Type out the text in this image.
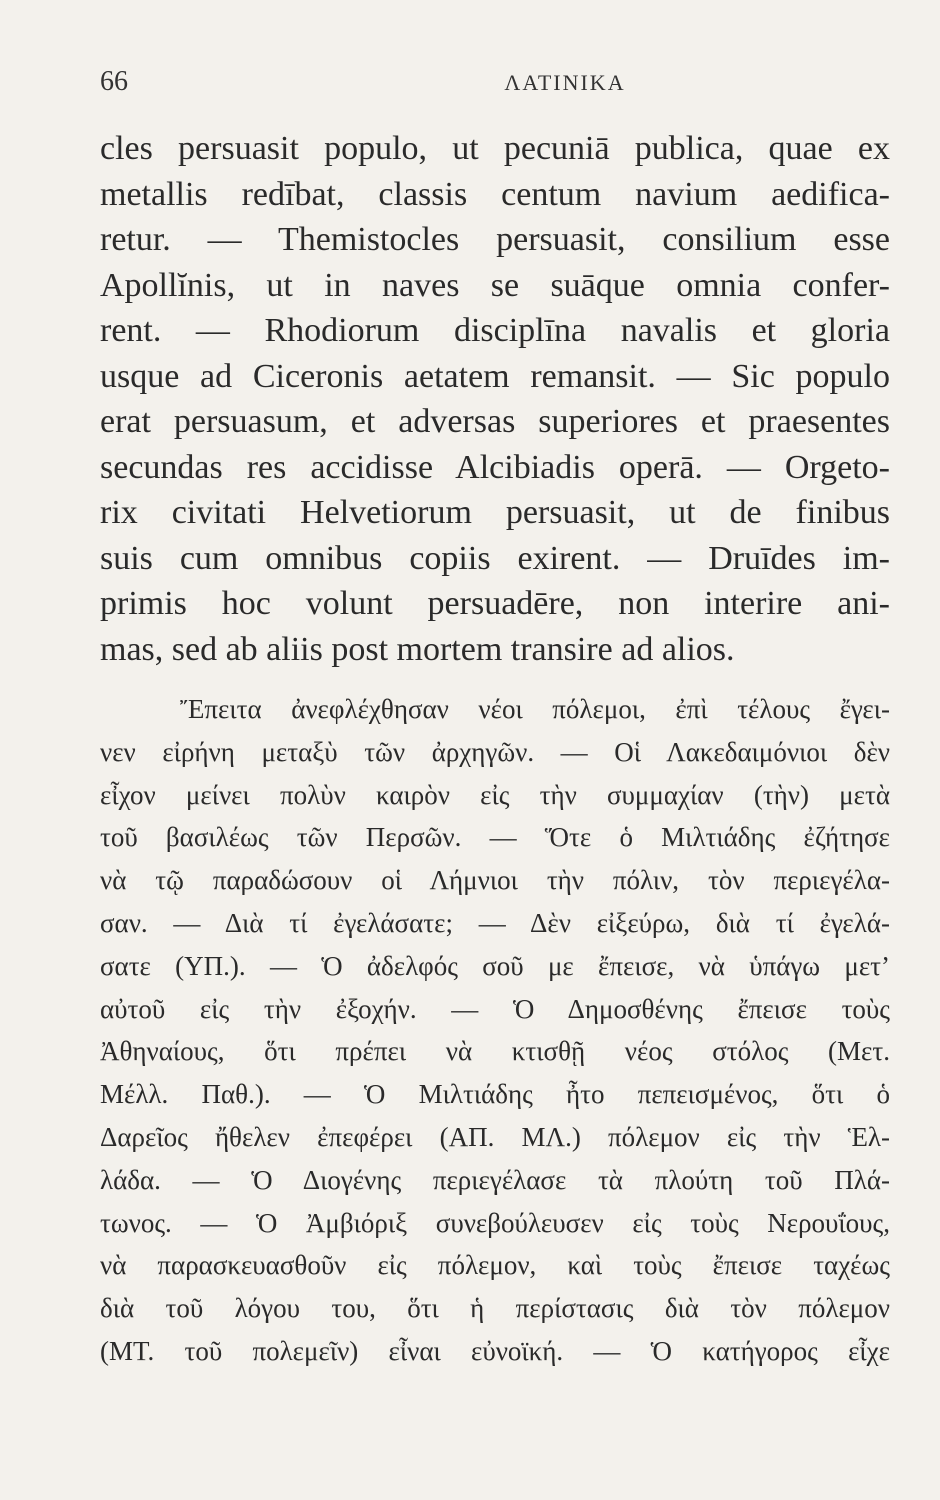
66	ΛΑΤΙΝΙΚΑ
cles persuasit populo, ut pecuniā publica, quae ex
metallis redībat, classis centum navium aedifica-
retur. — Themistocles persuasit, consilium esse
Apollĭnis, ut in naves se suāque omnia confer-
rent. — Rhodiorum disciplīna navalis et gloria
usque ad Ciceronis aetatem remansit. — Sic populo
erat persuasum, et adversas superiores et praesentes
secundas res accidisse Alcibiadis operā. — Orgeto-
rix civitati Helvetiorum persuasit, ut de finibus
suis cum omnibus copiis exirent. — Druīdes im-
primis hoc volunt persuadēre, non interire ani-
mas, sed ab aliis post mortem transire ad alios.
Ἔπειτα ἀνεφλέχθησαν νέοι πόλεμοι, ἐπὶ τέλους ἔγει-
νεν εἰρήνη μεταξὺ τῶν ἀρχηγῶν. — Οἱ Λακεδαιμόνιοι δὲν
εἶχον μείνει πολὺν καιρὸν εἰς τὴν συμμαχίαν (τὴν) μετὰ
τοῦ βασιλέως τῶν Περσῶν. — Ὅτε ὁ Μιλτιάδης ἐζήτησε
νὰ τῷ παραδώσουν οἱ Λήμνιοι τὴν πόλιν, τὸν περιεγέλα-
σαν. — Διὰ τί ἐγελάσατε; — Δὲν εἰξεύρω, διὰ τί ἐγελά-
σατε (ΥΠ.). — Ὁ ἀδελφός σοῦ με ἔπεισε, νὰ ὑπάγω μετ’
αὐτοῦ εἰς τὴν ἐξοχήν. — Ὁ Δημοσθένης ἔπεισε τοὺς
Ἀθηναίους, ὅτι πρέπει νὰ κτισθῇ νέος στόλος (Μετ.
Μέλλ. Παθ.). — Ὁ Μιλτιάδης ἦτο πεπεισμένος, ὅτι ὁ
Δαρεῖος ἤθελεν ἐπεφέρει (ΑΠ. ΜΛ.) πόλεμον εἰς τὴν Ἑλ-
λάδα. — Ὁ Διογένης περιεγέλασε τὰ πλούτη τοῦ Πλά-
τωνος. — Ὁ Ἀμβιόριξ συνεβούλευσεν εἰς τοὺς Νερουΐους,
νὰ παρασκευασθοῦν εἰς πόλεμον, καὶ τοὺς ἔπεισε ταχέως
διὰ τοῦ λόγου του, ὅτι ἡ περίστασις διὰ τὸν πόλεμον
(ΜΤ. τοῦ πολεμεῖν) εἶναι εὐνοϊκή. — Ὁ κατήγορος εἶχε
